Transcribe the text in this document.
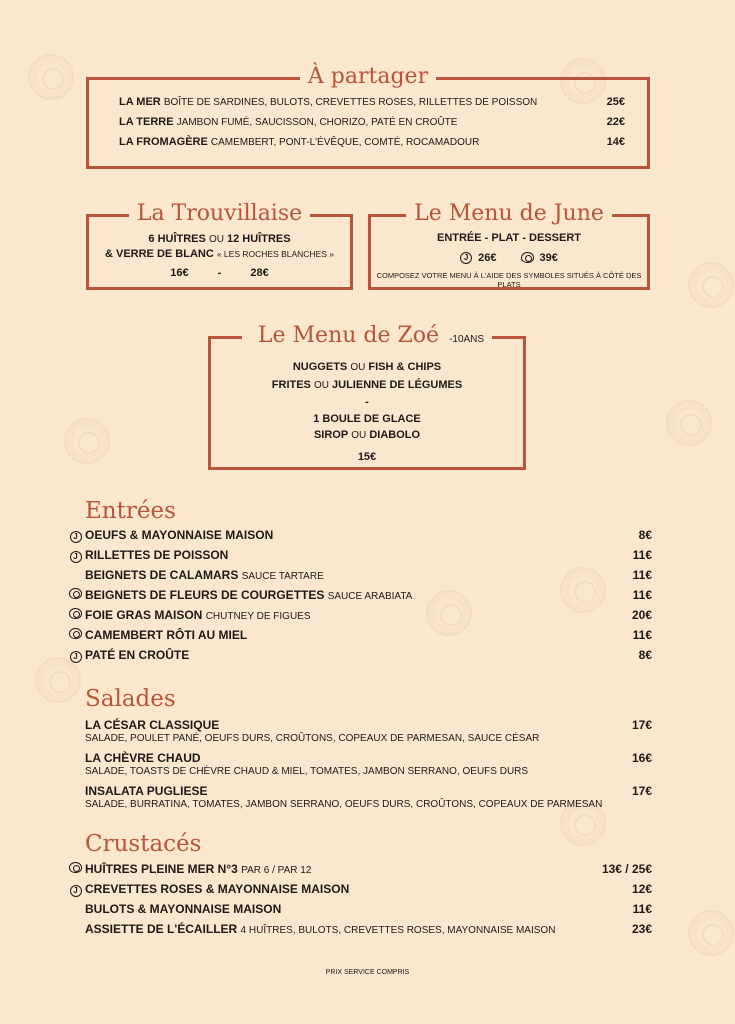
À partager
LA MER BOÎTE DE SARDINES, BULOTS, CREVETTES ROSES, RILLETTES DE POISSON	25€
LA TERRE JAMBON FUMÉ, SAUCISSON, CHORIZO, PATÉ EN CROÛTE	22€
LA FROMAGÈRE CAMEMBERT, PONT-L'ÉVÊQUE, COMTÉ, ROCAMADOUR	14€
La Trouvillaise
6 HUÎTRES OU 12 HUÎTRES
& VERRE DE BLANC « LES ROCHES BLANCHES »
16€	-	28€
Le Menu de June
ENTRÉE - PLAT - DESSERT
J 26€	39€
COMPOSEZ VOTRE MENU À L'AIDE DES SYMBOLES SITUÉS À CÔTÉ DES PLATS
Le Menu de Zoé -10ANS
NUGGETS OU FISH & CHIPS
FRITES OU JULIENNE DE LÉGUMES
-
1 BOULE DE GLACE
SIROP OU DIABOLO
15€
Entrées
J OEUFS & MAYONNAISE MAISON	8€
J RILLETTES DE POISSON	11€
BEIGNETS DE CALAMARS SAUCE TARTARE	11€
BEIGNETS DE FLEURS DE COURGETTES SAUCE ARABIATA	11€
FOIE GRAS MAISON CHUTNEY DE FIGUES	20€
CAMEMBERT RÔTI AU MIEL	11€
J PATÉ EN CROÛTE	8€
Salades
LA CÉSAR CLASSIQUE	17€
SALADE, POULET PANÉ, OEUFS DURS, CROÛTONS, COPEAUX DE PARMESAN, SAUCE CÉSAR
LA CHÈVRE CHAUD	16€
SALADE, TOASTS DE CHÈVRE CHAUD & MIEL, TOMATES, JAMBON SERRANO, OEUFS DURS
INSALATA PUGLIESE	17€
SALADE, BURRATINA, TOMATES, JAMBON SERRANO, OEUFS DURS, CROÛTONS, COPEAUX DE PARMESAN
Crustacés
HUÎTRES PLEINE MER N°3 PAR 6 / PAR 12	13€ / 25€
J CREVETTES ROSES & MAYONNAISE MAISON	12€
BULOTS & MAYONNAISE MAISON	11€
ASSIETTE DE L'ÉCAILLER 4 HUÎTRES, BULOTS, CREVETTES ROSES, MAYONNAISE MAISON	23€
PRIX SERVICE COMPRIS
